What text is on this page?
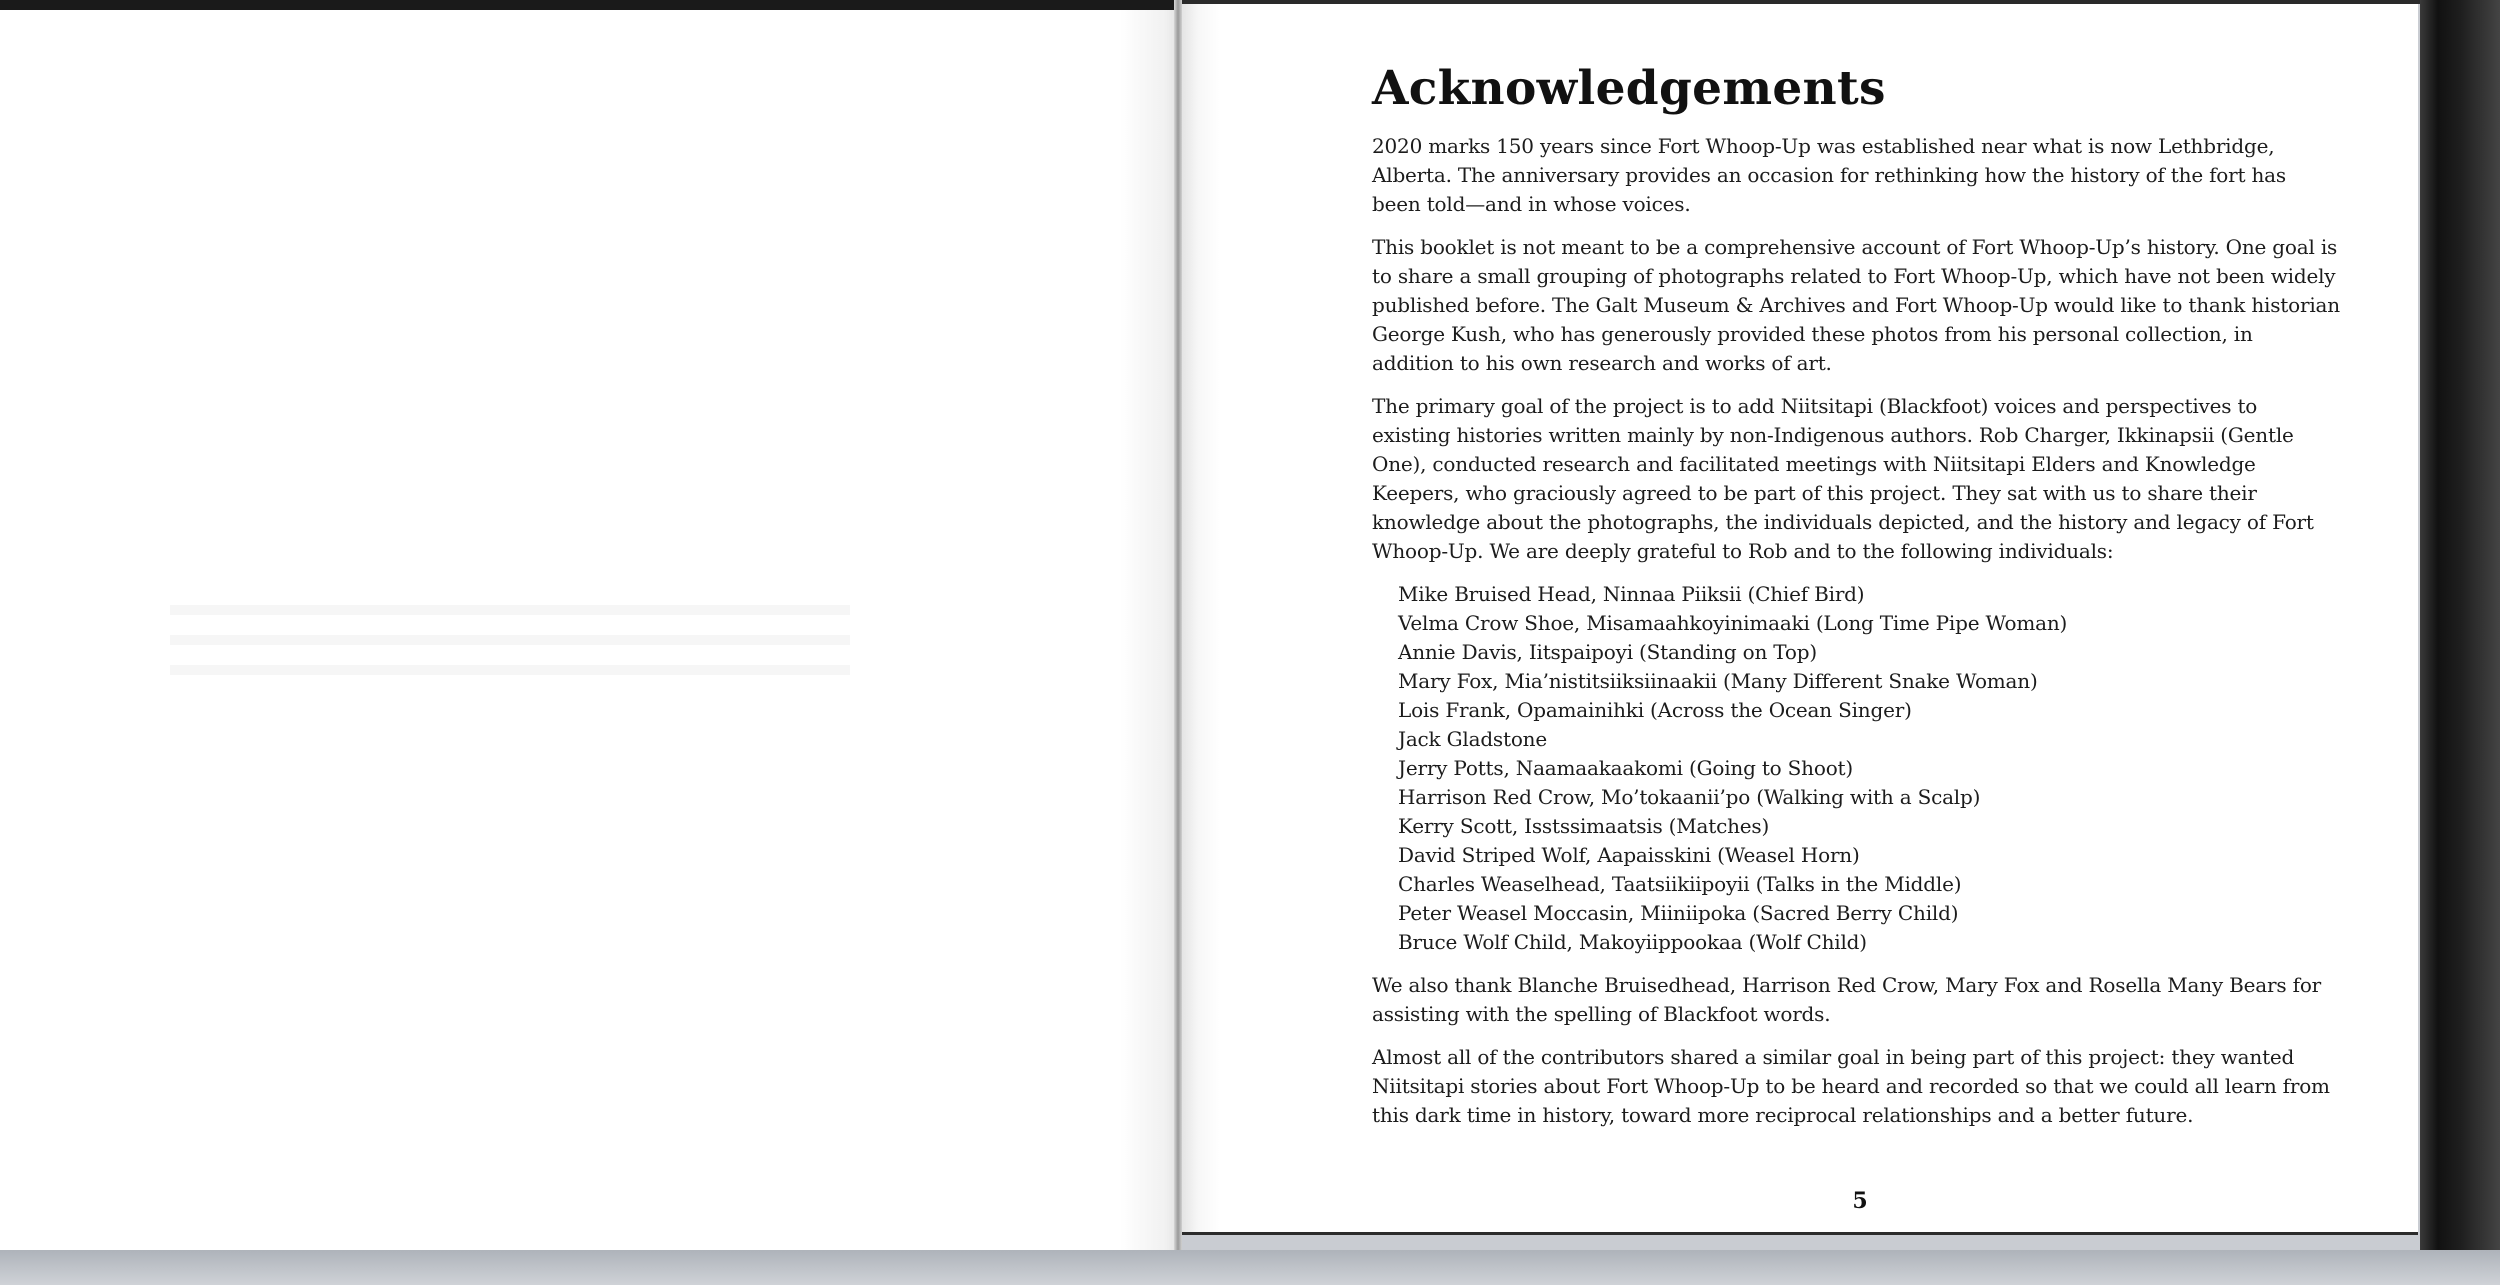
Acknowledgements

2020 marks 150 years since Fort Whoop-Up was established near what is now Lethbridge, Alberta. The anniversary provides an occasion for rethinking how the history of the fort has been told—and in whose voices.

This booklet is not meant to be a comprehensive account of Fort Whoop-Up’s history. One goal is to share a small grouping of photographs related to Fort Whoop-Up, which have not been widely published before. The Galt Museum & Archives and Fort Whoop-Up would like to thank historian George Kush, who has generously provided these photos from his personal collection, in addition to his own research and works of art.

The primary goal of the project is to add Niitsitapi (Blackfoot) voices and perspectives to existing histories written mainly by non-Indigenous authors. Rob Charger, Ikkinapsii (Gentle One), conducted research and facilitated meetings with Niitsitapi Elders and Knowledge Keepers, who graciously agreed to be part of this project. They sat with us to share their knowledge about the photographs, the individuals depicted, and the history and legacy of Fort Whoop-Up. We are deeply grateful to Rob and to the following individuals:

Mike Bruised Head, Ninnaa Piiksii (Chief Bird)
Velma Crow Shoe, Misamaahkoyinimaaki (Long Time Pipe Woman)
Annie Davis, Iitspaipoyi (Standing on Top)
Mary Fox, Mia’nistitsiiksiinaakii (Many Different Snake Woman)
Lois Frank, Opamainihki (Across the Ocean Singer)
Jack Gladstone
Jerry Potts, Naamaakaakomi (Going to Shoot)
Harrison Red Crow, Mo’tokaanii’po (Walking with a Scalp)
Kerry Scott, Isstssimaatsis (Matches)
David Striped Wolf, Aapaisskini (Weasel Horn)
Charles Weaselhead, Taatsiikiipoyii (Talks in the Middle)
Peter Weasel Moccasin, Miiniipoka (Sacred Berry Child)
Bruce Wolf Child, Makoyiippookaa (Wolf Child)

We also thank Blanche Bruisedhead, Harrison Red Crow, Mary Fox and Rosella Many Bears for assisting with the spelling of Blackfoot words.

Almost all of the contributors shared a similar goal in being part of this project: they wanted Niitsitapi stories about Fort Whoop-Up to be heard and recorded so that we could all learn from this dark time in history, toward more reciprocal relationships and a better future.

5
